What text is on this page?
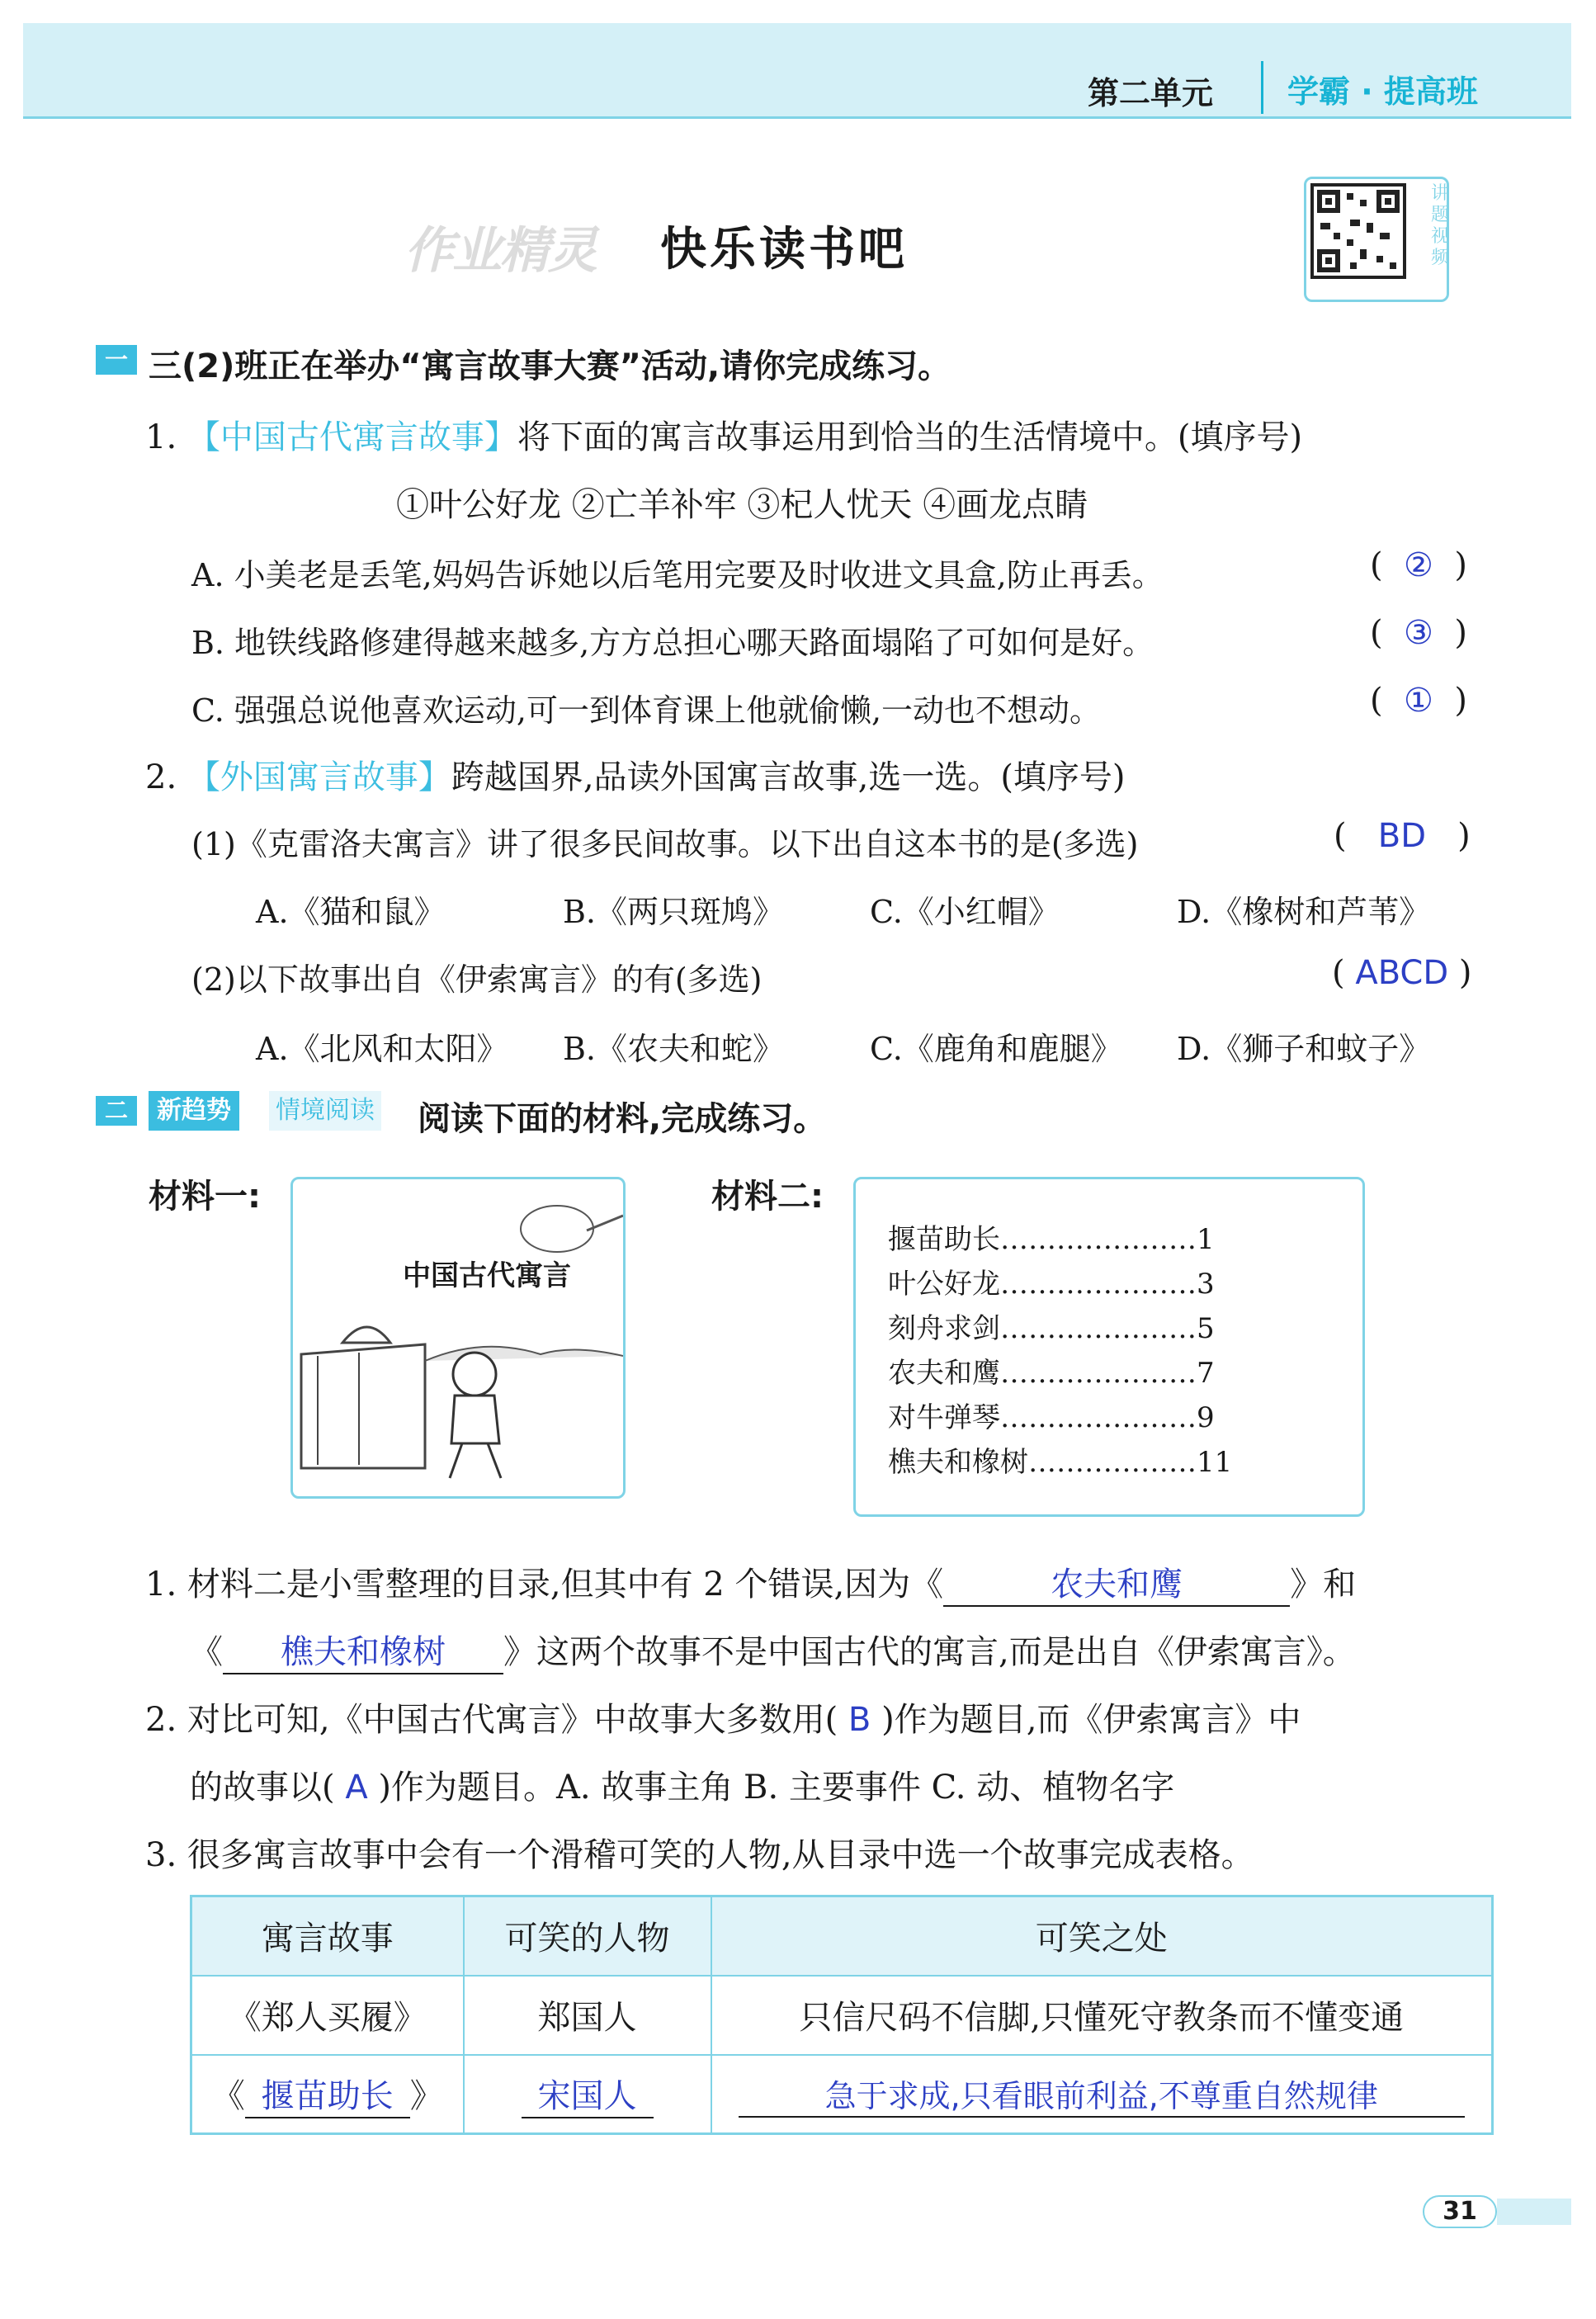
第二单元 学霸 · 提高班
作业精灵 快乐读书吧
讲题视频
一 三(2)班正在举办“寓言故事大赛”活动,请你完成练习。
1. 【中国古代寓言故事】将下面的寓言故事运用到恰当的生活情境中。(填序号)
①叶公好龙 ②亡羊补牢 ③杞人忧天 ④画龙点睛
A. 小美老是丢笔,妈妈告诉她以后笔用完要及时收进文具盒,防止再丢。	(  ②  )
B. 地铁线路修建得越来越多,方方总担心哪天路面塌陷了可如何是好。	(  ③  )
C. 强强总说他喜欢运动,可一到体育课上他就偷懒,一动也不想动。	(  ①  )
2. 【外国寓言故事】跨越国界,品读外国寓言故事,选一选。(填序号)
(1)《克雷洛夫寓言》讲了很多民间故事。以下出自这本书的是(多选)	(   BD   )
A.《猫和鼠》	B.《两只斑鸠》	C.《小红帽》	D.《橡树和芦苇》
(2)以下故事出自《伊索寓言》的有(多选)	( ABCD )
A.《北风和太阳》 B.《农夫和蛇》	C.《鹿角和鹿腿》 D.《狮子和蚊子》
二	新趋势	情境阅读 阅读下面的材料,完成练习。
材料一:
中国古代寓言
材料二:
揠苗助长…………………1
叶公好龙…………………3
刻舟求剑…………………5
农夫和鹰…………………7
对牛弹琴…………………9
樵夫和橡树………………11
1. 材料二是小雪整理的目录,但其中有 2 个错误,因为《	农夫和鹰	》和
《 樵夫和橡树 》这两个故事不是中国古代的寓言,而是出自《伊索寓言》。
2. 对比可知,《中国古代寓言》中故事大多数用( B )作为题目,而《伊索寓言》中
的故事以( A )作为题目。A. 故事主角 B. 主要事件 C. 动、植物名字
3. 很多寓言故事中会有一个滑稽可笑的人物,从目录中选一个故事完成表格。
寓言故事	可笑的人物	可笑之处
《郑人买履》	郑国人	只信尺码不信脚,只懂死守教条而不懂变通
《 揠苗助长 》	宋国人	急于求成,只看眼前利益,不尊重自然规律
31
